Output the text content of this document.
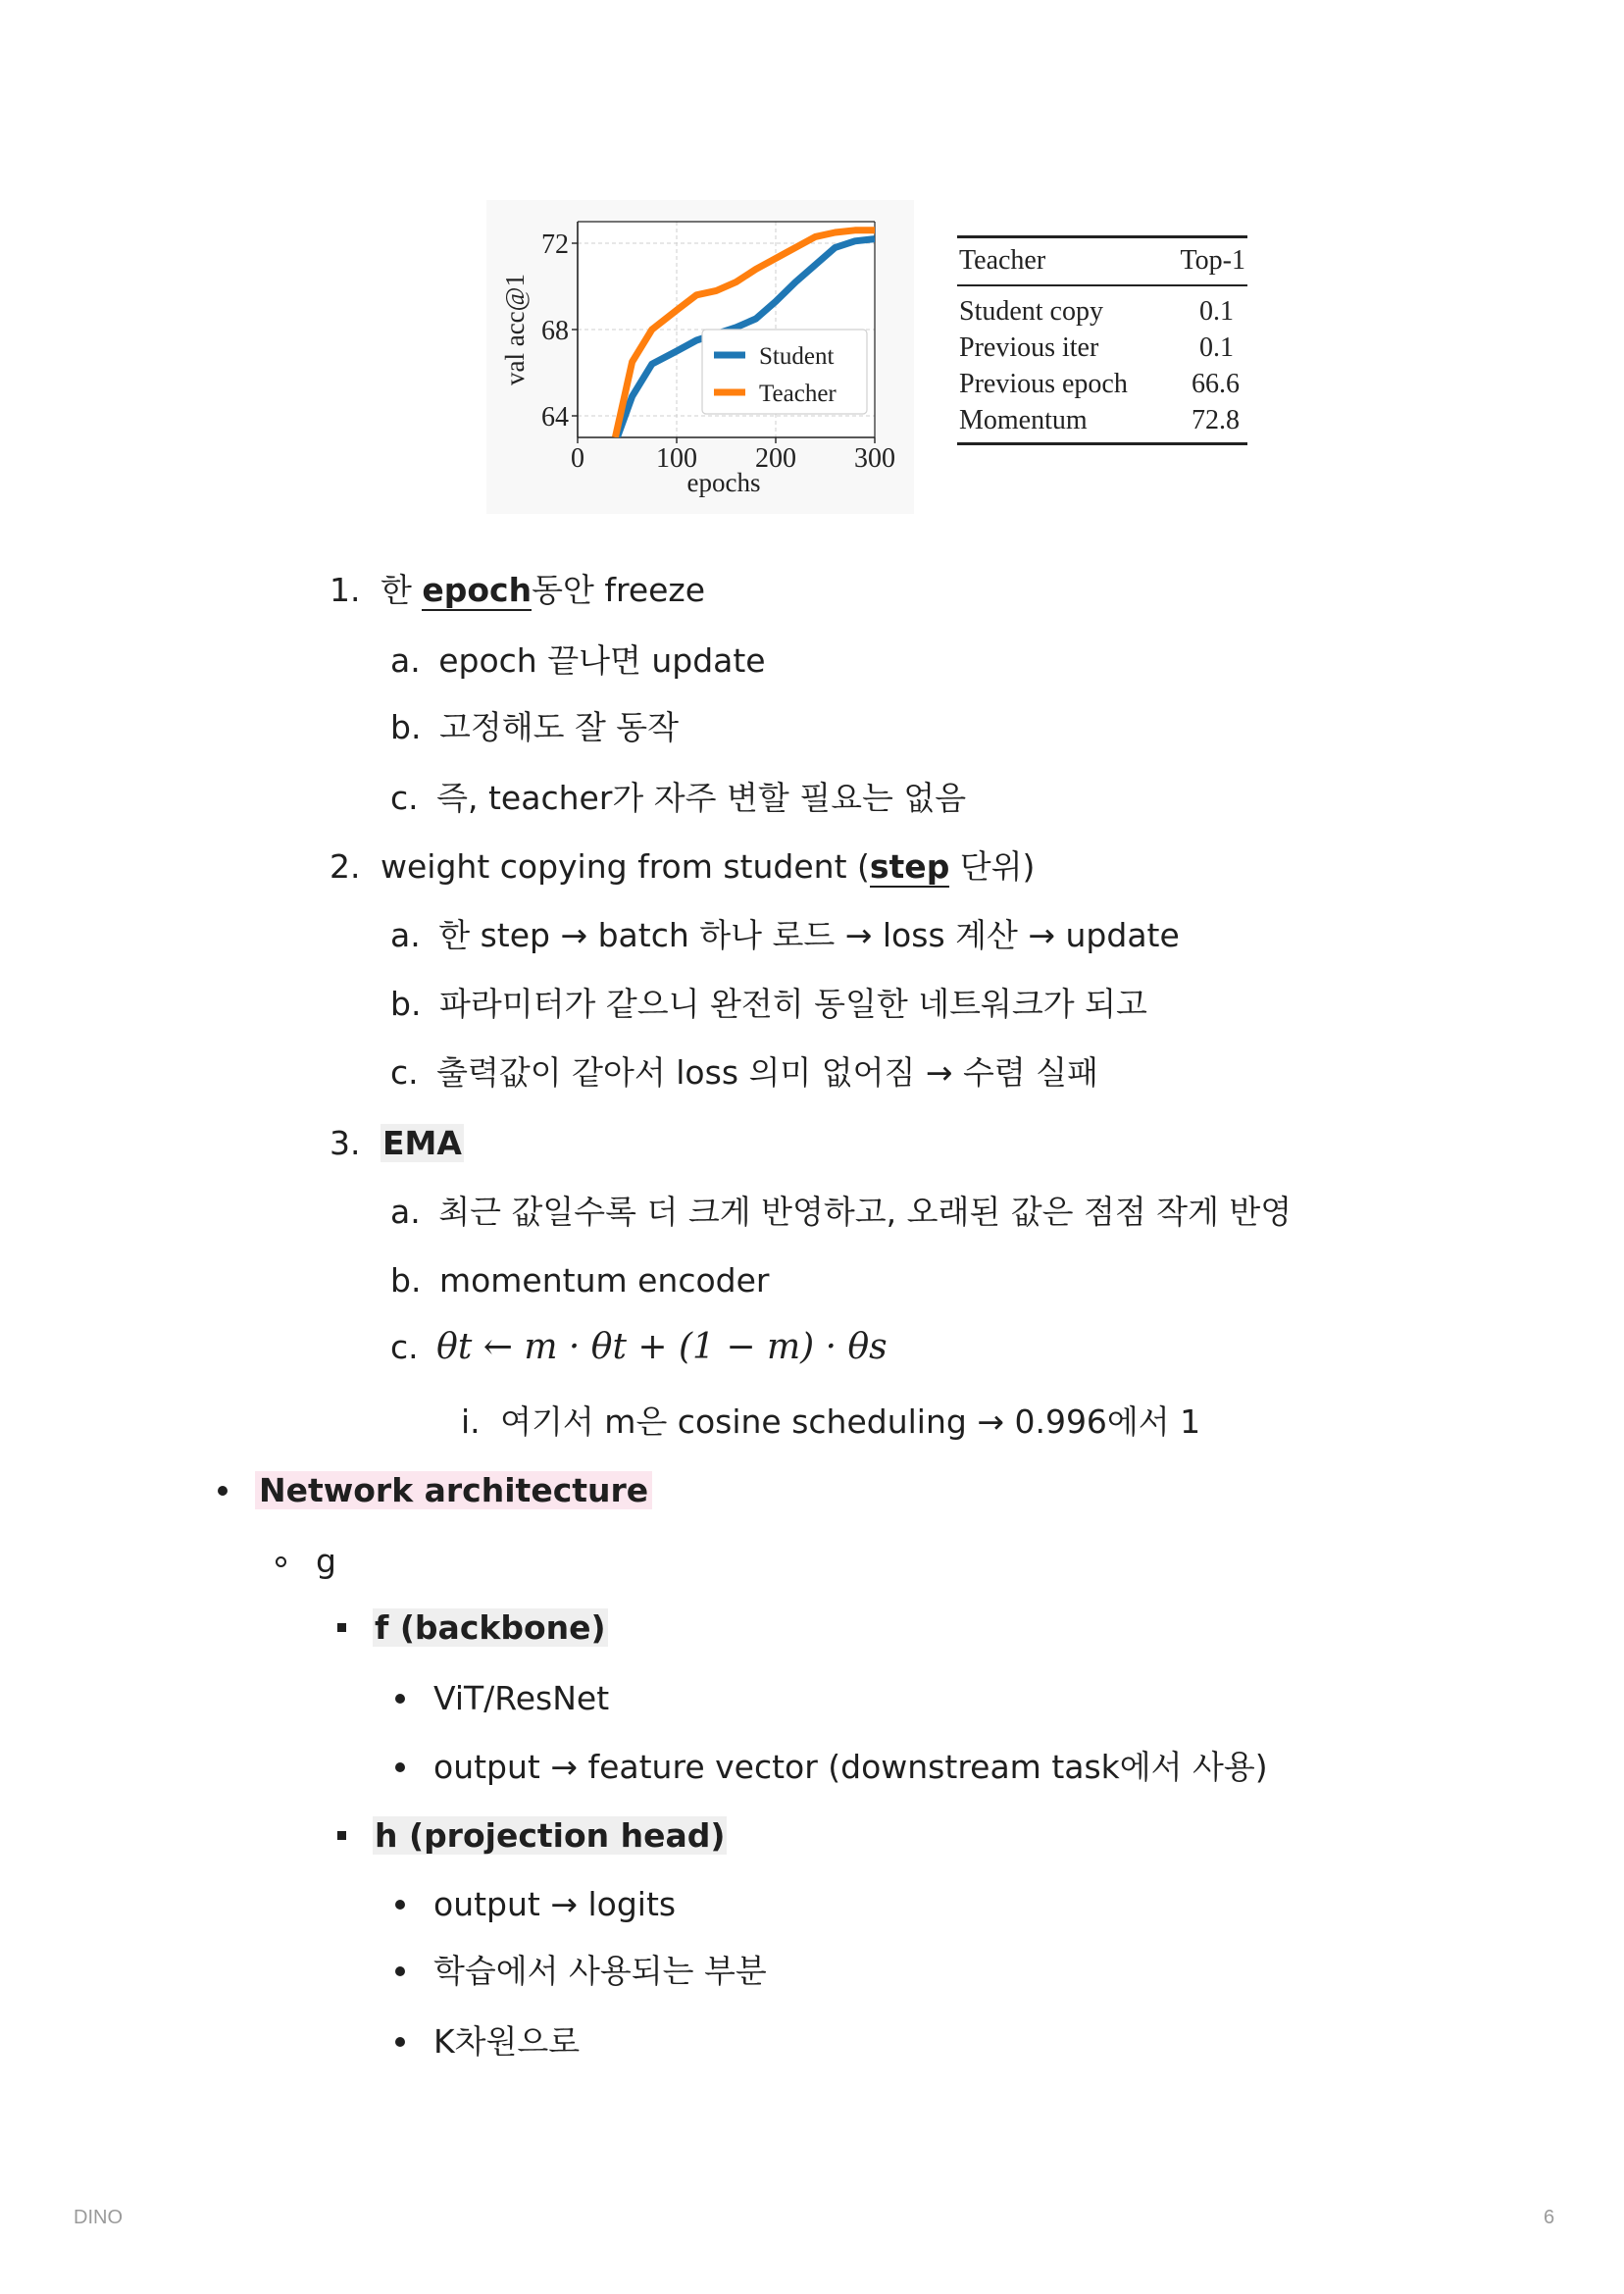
0	100 200 300
64
68
72
Student
Teacher
epochs
val acc@1
Teacher	Top-1
Student copy	0.1
Previous iter	0.1
Previous epoch	66.6
Momentum	72.8
1. 한 epoch동안 freeze
a. epoch 끝나면 update
b. 고정해도 잘 동작
c. 즉, teacher가 자주 변할 필요는 없음
2. weight copying from student (step 단위)
a. 한 step → batch 하나 로드 → loss 계산 → update
b. 파라미터가 같으니 완전히 동일한 네트워크가 되고
c. 출력값이 같아서 loss 의미 없어짐 → 수렴 실패
3. EMA
a. 최근 값일수록 더 크게 반영하고, 오래된 값은 점점 작게 반영
b. momentum encoder
c. θt ← m · θt + (1 − m) · θs
i. 여기서 m은 cosine scheduling → 0.996에서 1
Network architecture
g
f (backbone)
ViT/ResNet
output → feature vector (downstream task에서 사용)
h (projection head)
output → logits
학습에서 사용되는 부분
K차원으로
DINO	6
